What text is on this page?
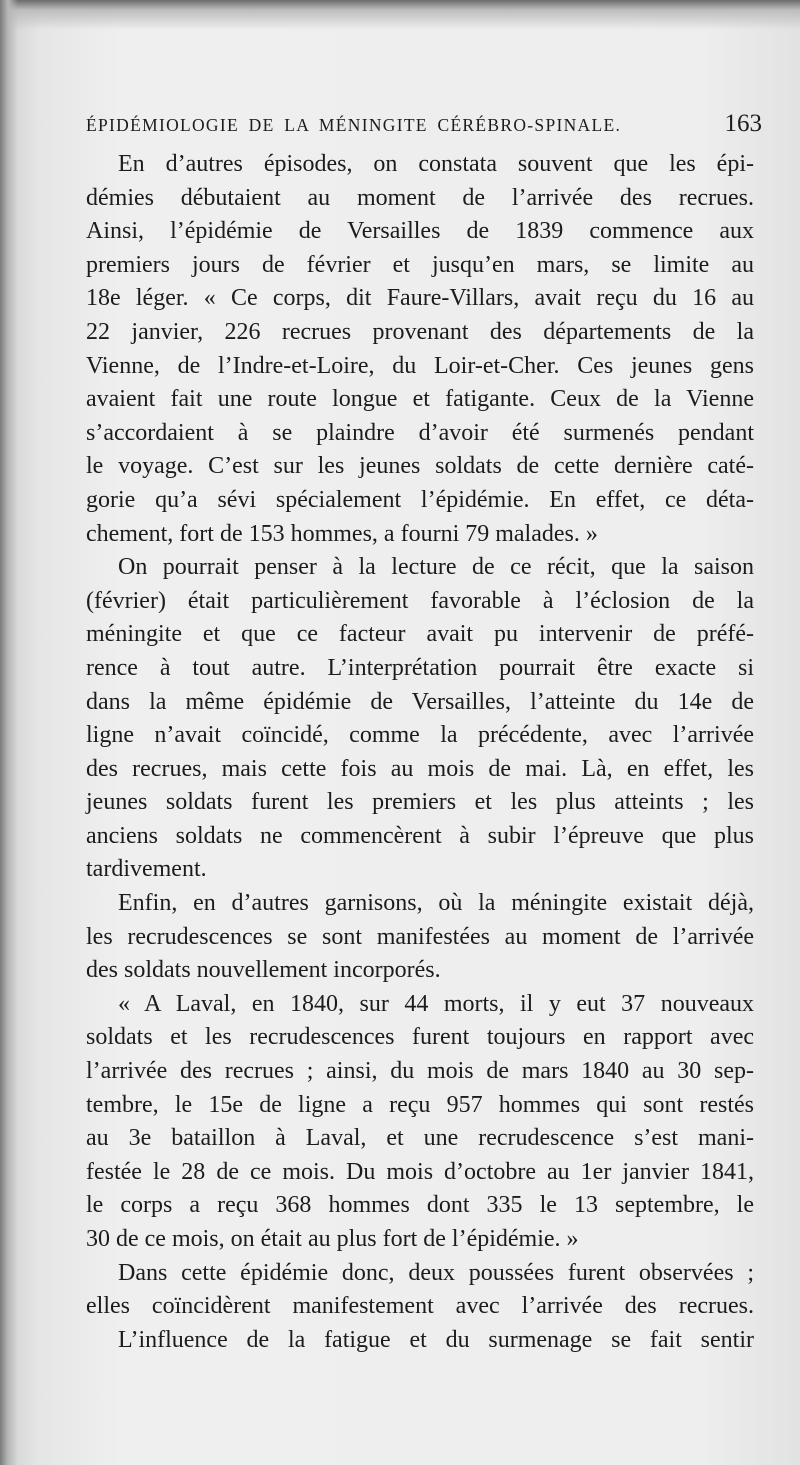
ÉPIDÉMIOLOGIE DE LA MÉNINGITE CÉRÉBRO-SPINALE.	163
En d’autres épisodes, on constata souvent que les épi-
démies débutaient au moment de l’arrivée des recrues.
Ainsi, l’épidémie de Versailles de 1839 commence aux
premiers jours de février et jusqu’en mars, se limite au
18e léger. « Ce corps, dit Faure-Villars, avait reçu du 16 au
22 janvier, 226 recrues provenant des départements de la
Vienne, de l’Indre-et-Loire, du Loir-et-Cher. Ces jeunes gens
avaient fait une route longue et fatigante. Ceux de la Vienne
s’accordaient à se plaindre d’avoir été surmenés pendant
le voyage. C’est sur les jeunes soldats de cette dernière caté-
gorie qu’a sévi spécialement l’épidémie. En effet, ce déta-
chement, fort de 153 hommes, a fourni 79 malades. »
On pourrait penser à la lecture de ce récit, que la saison
(février) était particulièrement favorable à l’éclosion de la
méningite et que ce facteur avait pu intervenir de préfé-
rence à tout autre. L’interprétation pourrait être exacte si
dans la même épidémie de Versailles, l’atteinte du 14e de
ligne n’avait coïncidé, comme la précédente, avec l’arrivée
des recrues, mais cette fois au mois de mai. Là, en effet, les
jeunes soldats furent les premiers et les plus atteints ; les
anciens soldats ne commencèrent à subir l’épreuve que plus
tardivement.
Enfin, en d’autres garnisons, où la méningite existait déjà,
les recrudescences se sont manifestées au moment de l’arrivée
des soldats nouvellement incorporés.
« A Laval, en 1840, sur 44 morts, il y eut 37 nouveaux
soldats et les recrudescences furent toujours en rapport avec
l’arrivée des recrues ; ainsi, du mois de mars 1840 au 30 sep-
tembre, le 15e de ligne a reçu 957 hommes qui sont restés
au 3e bataillon à Laval, et une recrudescence s’est mani-
festée le 28 de ce mois. Du mois d’octobre au 1er janvier 1841,
le corps a reçu 368 hommes dont 335 le 13 septembre, le
30 de ce mois, on était au plus fort de l’épidémie. »
Dans cette épidémie donc, deux poussées furent observées ;
elles coïncidèrent manifestement avec l’arrivée des recrues.
L’influence de la fatigue et du surmenage se fait sentir
